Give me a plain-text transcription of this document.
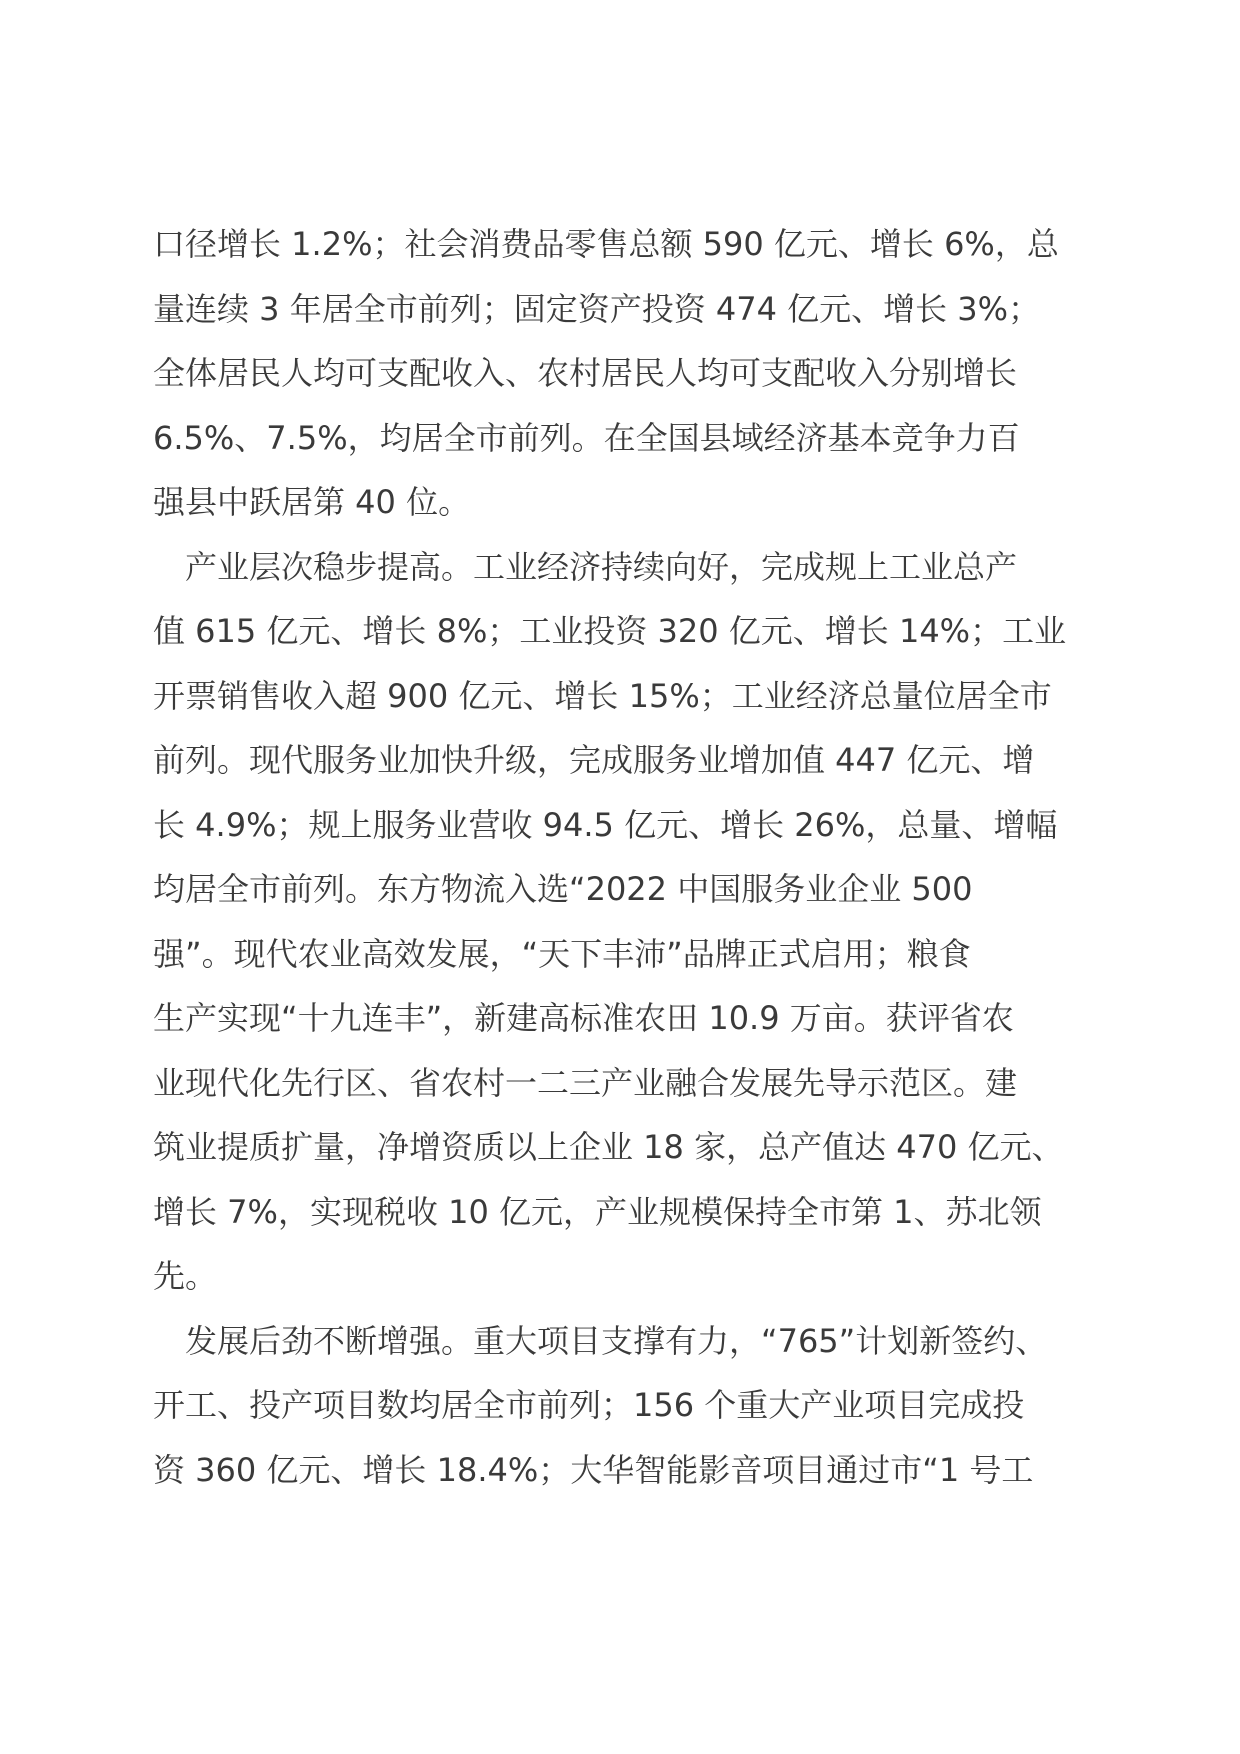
口径增长 1.2%；社会消费品零售总额 590 亿元、增长 6%，总
量连续 3 年居全市前列；固定资产投资 474 亿元、增长 3%；
全体居民人均可支配收入、农村居民人均可支配收入分别增长
6.5%、7.5%，均居全市前列。在全国县域经济基本竞争力百
强县中跃居第 40 位。
产业层次稳步提高。工业经济持续向好，完成规上工业总产
值 615 亿元、增长 8%；工业投资 320 亿元、增长 14%；工业
开票销售收入超 900 亿元、增长 15%；工业经济总量位居全市
前列。现代服务业加快升级，完成服务业增加值 447 亿元、增
长 4.9%；规上服务业营收 94.5 亿元、增长 26%，总量、增幅
均居全市前列。东方物流入选“2022 中国服务业企业 500
强”。现代农业高效发展，“天下丰沛”品牌正式启用；粮食
生产实现“十九连丰”，新建高标准农田 10.9 万亩。获评省农
业现代化先行区、省农村一二三产业融合发展先导示范区。建
筑业提质扩量，净增资质以上企业 18 家，总产值达 470 亿元、
增长 7%，实现税收 10 亿元，产业规模保持全市第 1、苏北领
先。
发展后劲不断增强。重大项目支撑有力，“765”计划新签约、
开工、投产项目数均居全市前列；156 个重大产业项目完成投
资 360 亿元、增长 18.4%；大华智能影音项目通过市“1 号工
